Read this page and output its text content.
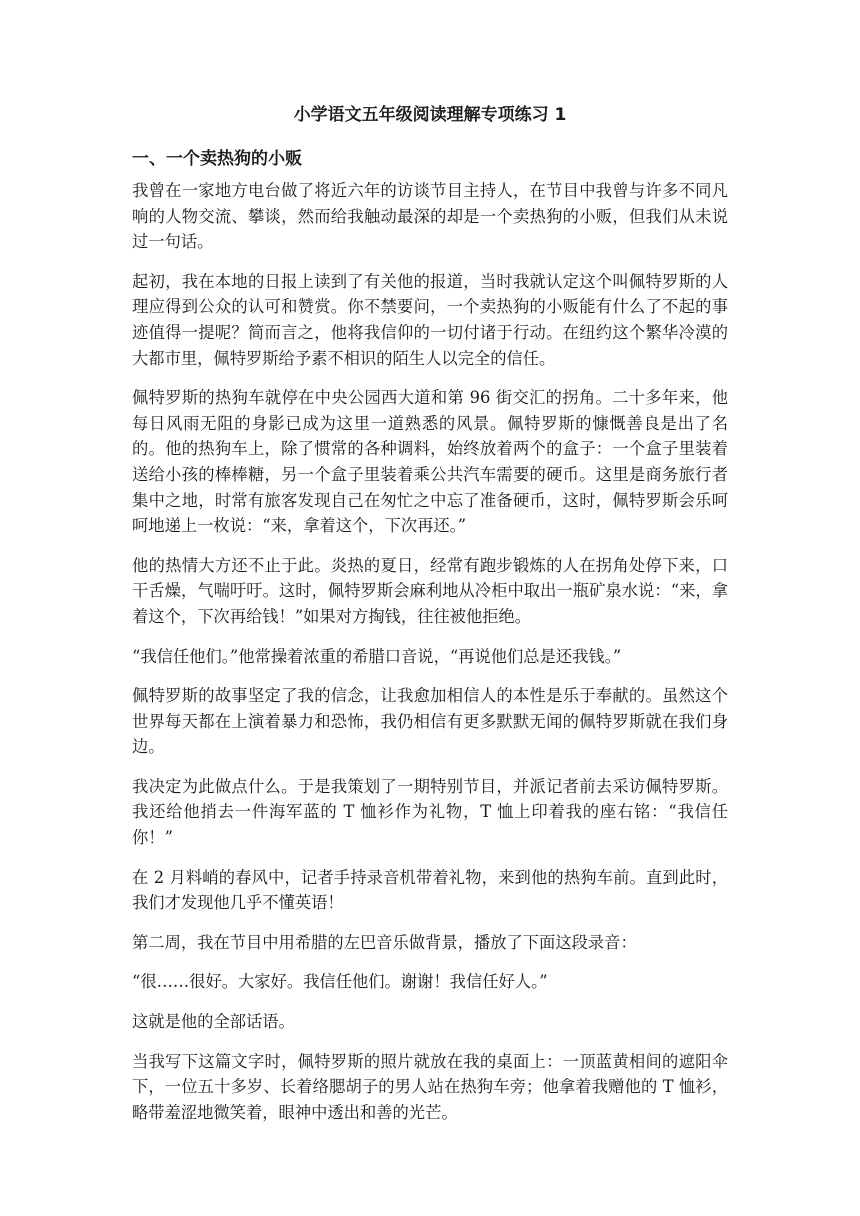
小学语文五年级阅读理解专项练习 1
一、一个卖热狗的小贩

我曾在一家地方电台做了将近六年的访谈节目主持人，在节目中我曾与许多不同凡响的人物交流、攀谈，然而给我触动最深的却是一个卖热狗的小贩，但我们从未说过一句话。

起初，我在本地的日报上读到了有关他的报道，当时我就认定这个叫佩特罗斯的人理应得到公众的认可和赞赏。你不禁要问，一个卖热狗的小贩能有什么了不起的事 迹值得一提呢？简而言之，他将我信仰的一切付诸于行动。在纽约这个繁华冷漠的大都市里，佩特罗斯给予素不相识的陌生人以完全的信任。

佩特罗斯的热狗车就停在中央公园西大道和第 96 街交汇的拐角。二十多年来，他每日风雨无阻的身影已成为这里一道熟悉的风景。佩特罗斯的慷慨善良是出了名 的。他的热狗车上，除了惯常的各种调料，始终放着两个的盒子：一个盒子里装着送给小孩的棒棒糖，另一个盒子里装着乘公共汽车需要的硬币。这里是商务旅行者 集中之地，时常有旅客发现自己在匆忙之中忘了准备硬币，这时，佩特罗斯会乐呵呵地递上一枚说：“来，拿着这个，下次再还。”

他的热情大方还不止于此。炎热的夏日，经常有跑步锻炼的人在拐角处停下来，口干舌燥，气喘吁吁。这时，佩特罗斯会麻利地从冷柜中取出一瓶矿泉水说：“来，拿着这个，下次再给钱！”如果对方掏钱，往往被他拒绝。

“我信任他们。”他常操着浓重的希腊口音说，“再说他们总是还我钱。”

佩特罗斯的故事坚定了我的信念，让我愈加相信人的本性是乐于奉献的。虽然这个世界每天都在上演着暴力和恐怖，我仍相信有更多默默无闻的佩特罗斯就在我们身边。

我决定为此做点什么。于是我策划了一期特别节目，并派记者前去采访佩特罗斯。我还给他捎去一件海军蓝的 T 恤衫作为礼物，T 恤上印着我的座右铭：“我信任你！”

在 2 月料峭的春风中，记者手持录音机带着礼物，来到他的热狗车前。直到此时，我们才发现他几乎不懂英语！

第二周，我在节目中用希腊的左巴音乐做背景，播放了下面这段录音：

“很……很好。大家好。我信任他们。谢谢！我信任好人。”

这就是他的全部话语。

当我写下这篇文字时，佩特罗斯的照片就放在我的桌面上：一顶蓝黄相间的遮阳伞下，一位五十多岁、长着络腮胡子的男人站在热狗车旁；他拿着我赠他的 T 恤衫，略带羞涩地微笑着，眼神中透出和善的光芒。
